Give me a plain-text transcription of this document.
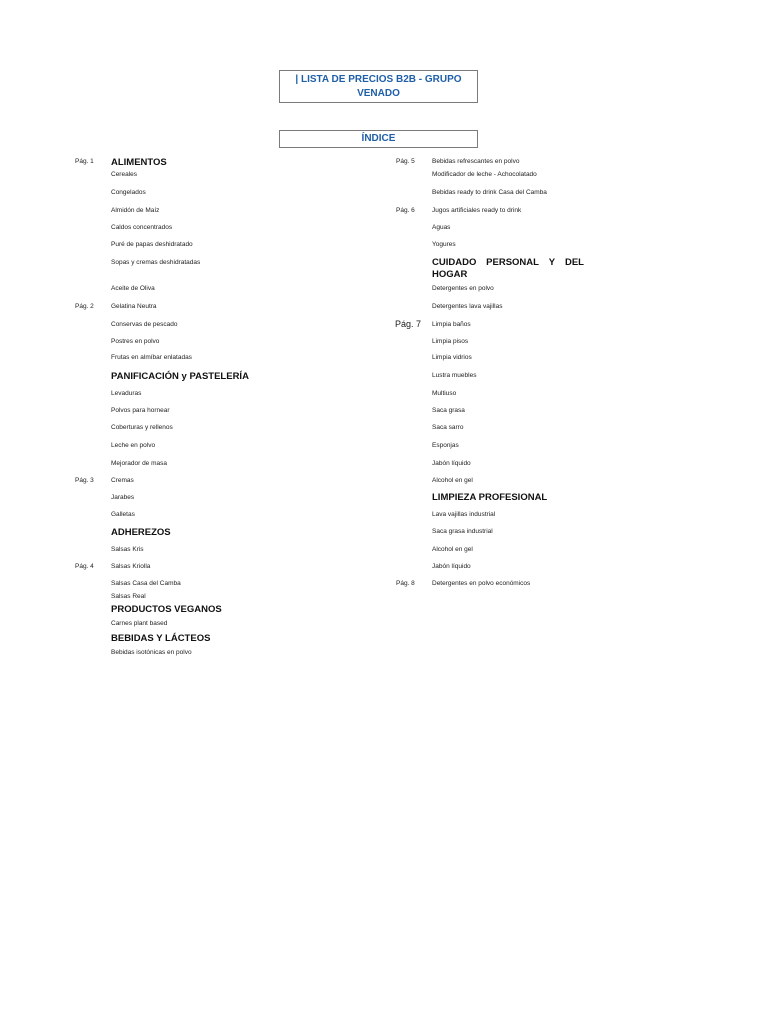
| LISTA DE PRECIOS B2B - GRUPO VENADO
ÍNDICE
Pág. 1 ALIMENTOS
Cereales
Congelados
Almidón de Maíz
Caldos concentrados
Puré de papas deshidratado
Sopas y cremas deshidratadas
Aceite de Oliva
Pág. 2	Gelatina Neutra
Conservas de pescado
Postres en polvo
Frutas en almíbar enlatadas
PANIFICACIÓN y PASTELERÍA
Levaduras
Polvos para hornear
Coberturas y rellenos
Leche en polvo
Mejorador de masa
Pág. 3	Cremas
Jarabes
Galletas
ADHEREZOS
Salsas Kris
Pág. 4	Salsas Kriolla
Salsas Casa del Camba
Salsas Real
PRODUCTOS VEGANOS
Carnes plant based
BEBIDAS Y LÁCTEOS
Bebidas isotónicas en polvo
Pág. 5	Bebidas refrescantes en polvo
Modificador de leche - Achocolatado
Bebidas ready to drink Casa del Camba
Pág. 6	Jugos artificiales ready to drink
Aguas
Yogures
CUIDADO PERSONAL Y DEL
HOGAR
Detergentes en polvo
Detergentes lava vajillas
Pág. 7 Limpia baños
Limpia pisos
Limpia vidrios
Lustra muebles
Multiuso
Saca grasa
Saca sarro
Esponjas
Jabón líquido
Alcohol en gel
LIMPIEZA PROFESIONAL
Lava vajillas industrial
Saca grasa industrial
Alcohol en gel
Jabón líquido
Pág. 8	Detergentes en polvo económicos
